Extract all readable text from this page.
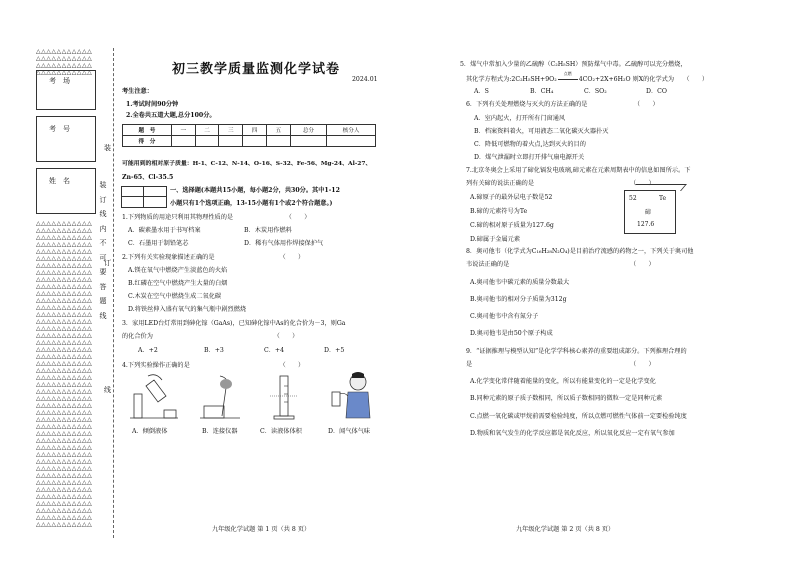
△△△△△△△△△△△
△△△△△△△△△△△
△△△△△△△△△△△
△△△△△△△△△△△
考　场
考　号
姓　名
△△△△△△△△△△△
△△△△△△△△△△△
△△△△△△△△△△△
△△△△△△△△△△△
△△△△△△△△△△△
△△△△△△△△△△△
△△△△△△△△△△△
△△△△△△△△△△△
△△△△△△△△△△△
△△△△△△△△△△△
△△△△△△△△△△△
△△△△△△△△△△△
△△△△△△△△△△△
△△△△△△△△△△△
△△△△△△△△△△△
△△△△△△△△△△△
△△△△△△△△△△△
△△△△△△△△△△△
△△△△△△△△△△△
△△△△△△△△△△△
△△△△△△△△△△△
△△△△△△△△△△△
△△△△△△△△△△△
△△△△△△△△△△△
△△△△△△△△△△△
△△△△△△△△△△△
△△△△△△△△△△△
△△△△△△△△△△△
△△△△△△△△△△△
△△△△△△△△△△△
△△△△△△△△△△△
△△△△△△△△△△△
△△△△△△△△△△△
△△△△△△△△△△△
△△△△△△△△△△△
△△△△△△△△△△△
△△△△△△△△△△△
△△△△△△△△△△△
△△△△△△△△△△△
△△△△△△△△△△△
△△△△△△△△△△△
△△△△△△△△△△△
△△△△△△△△△△△
△△△△△△△△△△△
装
订
线
装
订
线
内
不
可
要
答
题
线
初三教学质量监测化学试卷
2024.01
考生注意：
1.考试时间90分钟
2.全卷共五道大题,总分100分。
题　号	一	二	三	四	五	总分	核分人
得　分							
可能用到的相对原子质量：H-1、C-12、N-14、O-16、S-32、Fe-56、Mg-24、Al-27、
Zn-65、Cl-35.5
一、选择题(本题共15小题，每小题2分，共30分。其中1-12
小题只有1个选项正确，13-15小题有1个或2个符合题意。)
1.下列物质的用途只利用其物理性质的是　　　　　　　　　（　　）
A．碳素墨水用于书写档案	B．木炭用作燃料
C．石墨用于制铅笔芯	D．稀有气体用作焊接保护气
2.下列有关实验现象描述正确的是　　　　　　　　　　　（　　）
A.镁在氧气中燃烧产生淡蓝色的火焰
B.红磷在空气中燃烧产生大量的白烟
C.木炭在空气中燃烧生成二氧化碳
D.将铁丝伸入盛有氧气的集气瓶中剧烈燃烧
3．家用LED台灯常用到砷化镓（GaAs)，已知砷化镓中As的化合价为－3，则Ga
的化合价为　　　　　　　　　　　　　　　　　　　　（　　）
A．+2	B．+3	C．+4	D．+5
4.下列实验操作正确的是　　　　　　　　　　　　　　　（　　）
A．倾倒液体	B．连接仪器	C．读液体体积	D．闻气体气味
九年级化学试题 第 1 页（共 8 页）
5．煤气中常加入少量的乙硫醇（C₂H₅SH）预防煤气中毒。乙硫醇可以充分燃烧，
其化学方程式为:2C₂H₅SH+9O₂
点燃
4CO₂+2X+6H₂O 则X的化学式为　　（　　）
A．S	B．CH₄	C．SO₂	D．CO
6．下列有关处理燃烧与灭火的方法正确的是　　　　　　　　（　　）
A．室内起火，打开所有门窗通风
B．档案资料着火，可用液态二氧化碳灭火器扑灭
C．降低可燃物的着火点,达到灭火的目的
D．煤气泄漏时立即打开排气扇电源开关
7.北京冬奥会上采用了碲化镉发电玻璃,碲元素在元素周期表中的信息如图所示。下
列有关碲的说法正确的是　　　　　　　　　　　　　　　　（　　）
A.碲原子的最外层电子数是52
B.碲的元素符号为Te
C.碲的相对原子质量为127.6g
D.碲属于金属元素
52	Te
碲
127.6
8．奥司他韦（化学式为C₁₆H₂₈N₂O₄)是目前治疗流感的药物之一，下列关于奥司他
韦说法正确的是　　　　　　　　　　　　　　　　　　　　（　　）
A.奥司他韦中碳元素的质量分数最大
B.奥司他韦的相对分子质量为312g
C.奥司他韦中含有氮分子
D.奥司他韦是由50个原子构成
9．“证据推理与模型认知”是化学学科核心素养的重要组成部分。下列推理合理的
是　　　　　　　　　　　　　　　　　　　　　　　　　　（　　）
A.化学变化常伴随着能量的变化，所以有能量变化的一定是化学变化
B.同种元素的原子质子数相同，所以质子数相同的微粒一定是同种元素
C.点燃一氧化碳或甲烷前需要检验纯度，所以点燃可燃性气体前一定要检验纯度
D.物质和氧气发生的化学反应都是氧化反应，所以氧化反应一定有氧气参加
九年级化学试题 第 2 页（共 8 页）
